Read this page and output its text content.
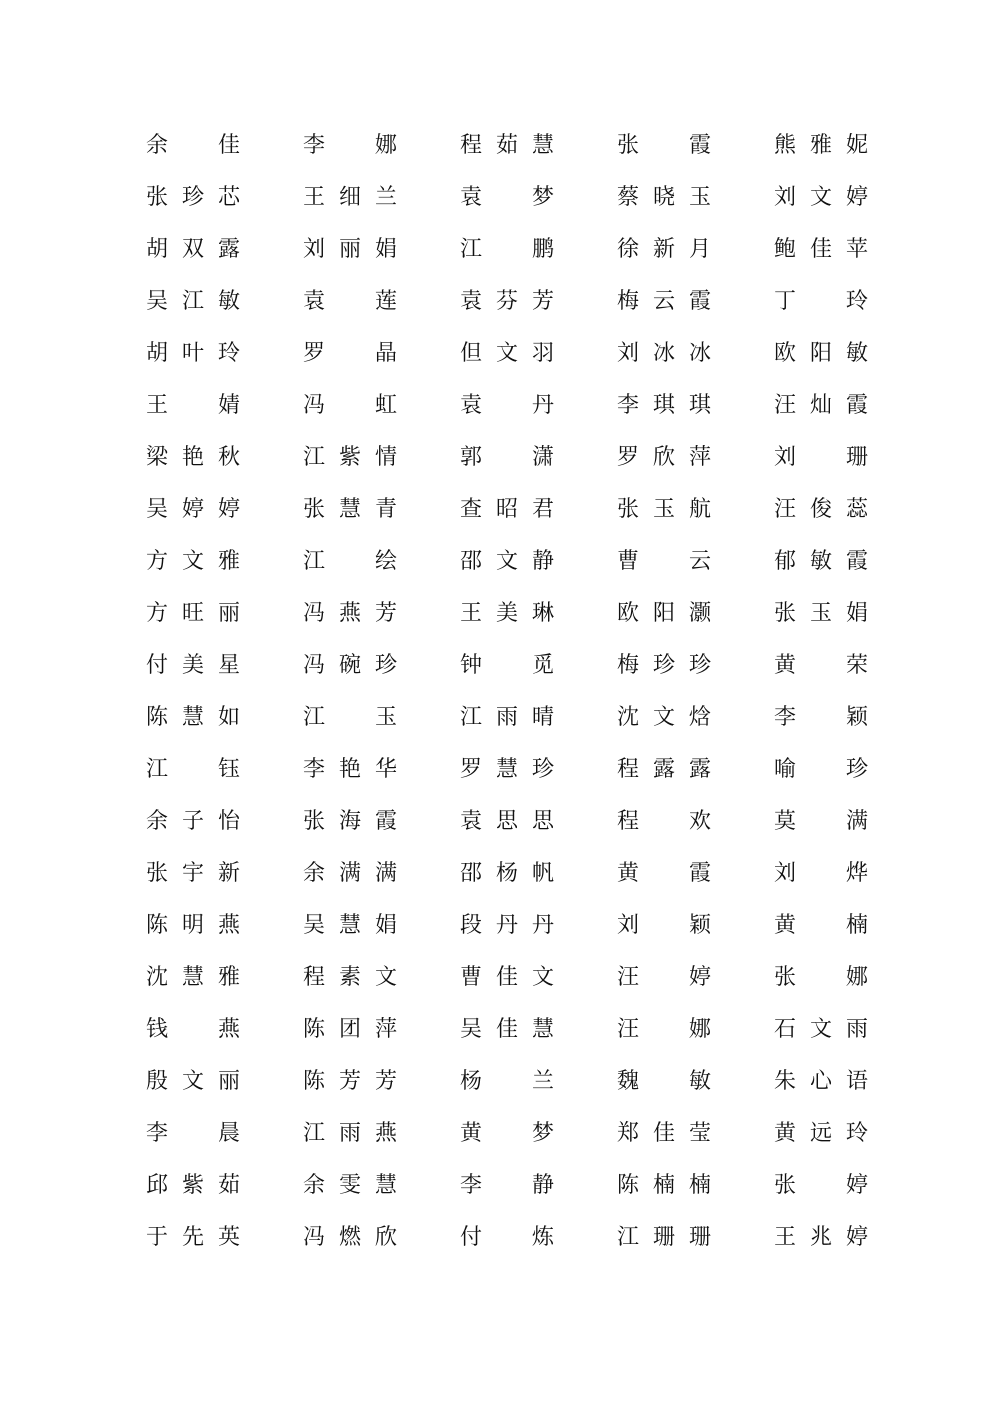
余 佳	李 娜	程 茹 慧	张 霞	熊 雅 妮
张 珍 芯	王 细 兰	袁 梦	蔡 晓 玉	刘 文 婷
胡 双 露	刘 丽 娟	江 鹏	徐 新 月	鲍 佳 苹
吴 江 敏	袁 莲	袁 芬 芳	梅 云 霞	丁 玲
胡 叶 玲	罗 晶	但 文 羽	刘 冰 冰	欧 阳 敏
王 婧	冯 虹	袁 丹	李 琪 琪	汪 灿 霞
梁 艳 秋	江 紫 情	郭 潇	罗 欣 萍	刘 珊
吴 婷 婷	张 慧 青	查 昭 君	张 玉 航	汪 俊 蕊
方 文 雅	江 绘	邵 文 静	曹 云	郁 敏 霞
方 旺 丽	冯 燕 芳	王 美 琳	欧 阳 灏	张 玉 娟
付 美 星	冯 碗 珍	钟 觅	梅 珍 珍	黄 荣
陈 慧 如	江 玉	江 雨 晴	沈 文 焓	李 颖
江 钰	李 艳 华	罗 慧 珍	程 露 露	喻 珍
余 子 怡	张 海 霞	袁 思 思	程 欢	莫 满
张 宇 新	余 满 满	邵 杨 帆	黄 霞	刘 烨
陈 明 燕	吴 慧 娟	段 丹 丹	刘 颖	黄 楠
沈 慧 雅	程 素 文	曹 佳 文	汪 婷	张 娜
钱 燕	陈 团 萍	吴 佳 慧	汪 娜	石 文 雨
殷 文 丽	陈 芳 芳	杨 兰	魏 敏	朱 心 语
李 晨	江 雨 燕	黄 梦	郑 佳 莹	黄 远 玲
邱 紫 茹	余 雯 慧	李 静	陈 楠 楠	张 婷
于 先 英	冯 燃 欣	付 炼	江 珊 珊	王 兆 婷
